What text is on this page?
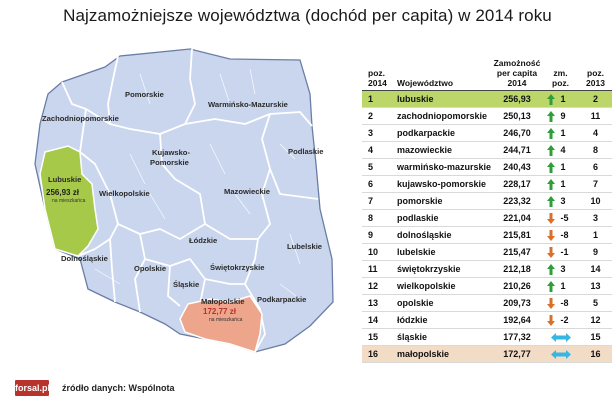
Najzamożniejsze województwa (dochód per capita) w 2014 roku
Pomorskie
Warmińsko-Mazurskie
Zachodniopomorskie
Podlaskie
Kujawsko-
Pomorskie
Wielkopolskie	Mazowieckie
Lubuskie
Łódzkie
Dolnośląskie
Lubelskie
Opolskie	Świętokrzyskie
Śląskie
Małopolskie Podkarpackie
256,93 zł
na mieszkańca
172,77 zł
na mieszkańca
poz.
2014	Województwo	Zamożność
per capita
2014	zm.
poz.		poz.
2013
1	lubuskie	256,93		1	2
2	zachodniopomorskie	250,13		9	11
3	podkarpackie	246,70		1	4
4	mazowieckie	244,71		4	8
5	warmińsko-mazurskie	240,43		1	6
6	kujawsko-pomorskie	228,17		1	7
7	pomorskie	223,32		3	10
8	podlaskie	221,04		-5	3
9	dolnośląskie	215,81		-8	1
10	lubelskie	215,47		-1	9
11	świętokrzyskie	212,18		3	14
12	wielkopolskie	210,26		1	13
13	opolskie	209,73		-8	5
14	łódzkie	192,64		-2	12
15	śląskie	177,32			15
16	małopolskie	172,77			16
forsal.pl źródło danych: Wspólnota
